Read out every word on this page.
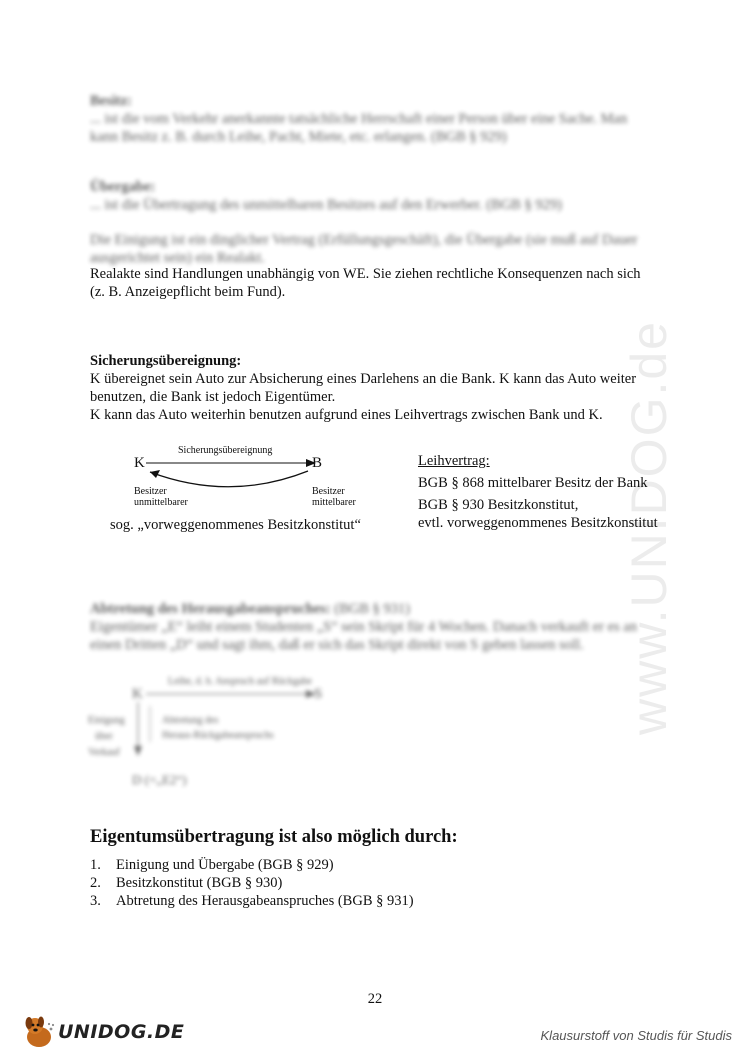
www.UNIDOG.de
Besitz:
... ist die vom Verkehr anerkannte tatsächliche Herrschaft einer Person über eine Sache. Man
kann Besitz z. B. durch Leihe, Pacht, Miete, etc. erlangen. (BGB § 929)
Übergabe:
... ist die Übertragung des unmittelbaren Besitzes auf den Erwerber. (BGB § 929)
Die Einigung ist ein dinglicher Vertrag (Erfüllungsgeschäft), die Übergabe (sie muß auf Dauer
ausgerichtet sein) ein Realakt.
Realakte sind Handlungen unabhängig von WE. Sie ziehen rechtliche Konsequenzen nach sich
(z. B. Anzeigepflicht beim Fund).
Sicherungsübereignung:
K übereignet sein Auto zur Absicherung eines Darlehens an die Bank. K kann das Auto weiter
benutzen, die Bank ist jedoch Eigentümer.
K kann das Auto weiterhin benutzen aufgrund eines Leihvertrags zwischen Bank und K.
Sicherungsübereignung
K	B
Besitzer
unmittelbarer
Besitzer
mittelbarer
sog. „vorweggenommenes Besitzkonstitut“
Leihvertrag:
BGB § 868 mittelbarer Besitz der Bank
BGB § 930 Besitzkonstitut,
evtl. vorweggenommenes Besitzkonstitut
Abtretung des Herausgabeanspruches: (BGB § 931)
Eigentümer „E“ leiht einem Studenten „S“ sein Skript für 4 Wochen. Danach verkauft er es an
einen Dritten „D“ und sagt ihm, daß er sich das Skript direkt von S geben lassen soll.
Leihe, d. h. Anspruch auf Rückgabe
K	S
Einigung
über
Verkauf
Abtretung des
Heraus-Rückgabeanspruchs
D (=„E2“)
Eigentumsübertragung ist also möglich durch:
1.	Einigung und Übergabe (BGB § 929)
2.	Besitzkonstitut (BGB § 930)
3.	Abtretung des Herausgabeanspruches (BGB § 931)
22
UNIDOG.DE	Klausurstoff von Studis für Studis
